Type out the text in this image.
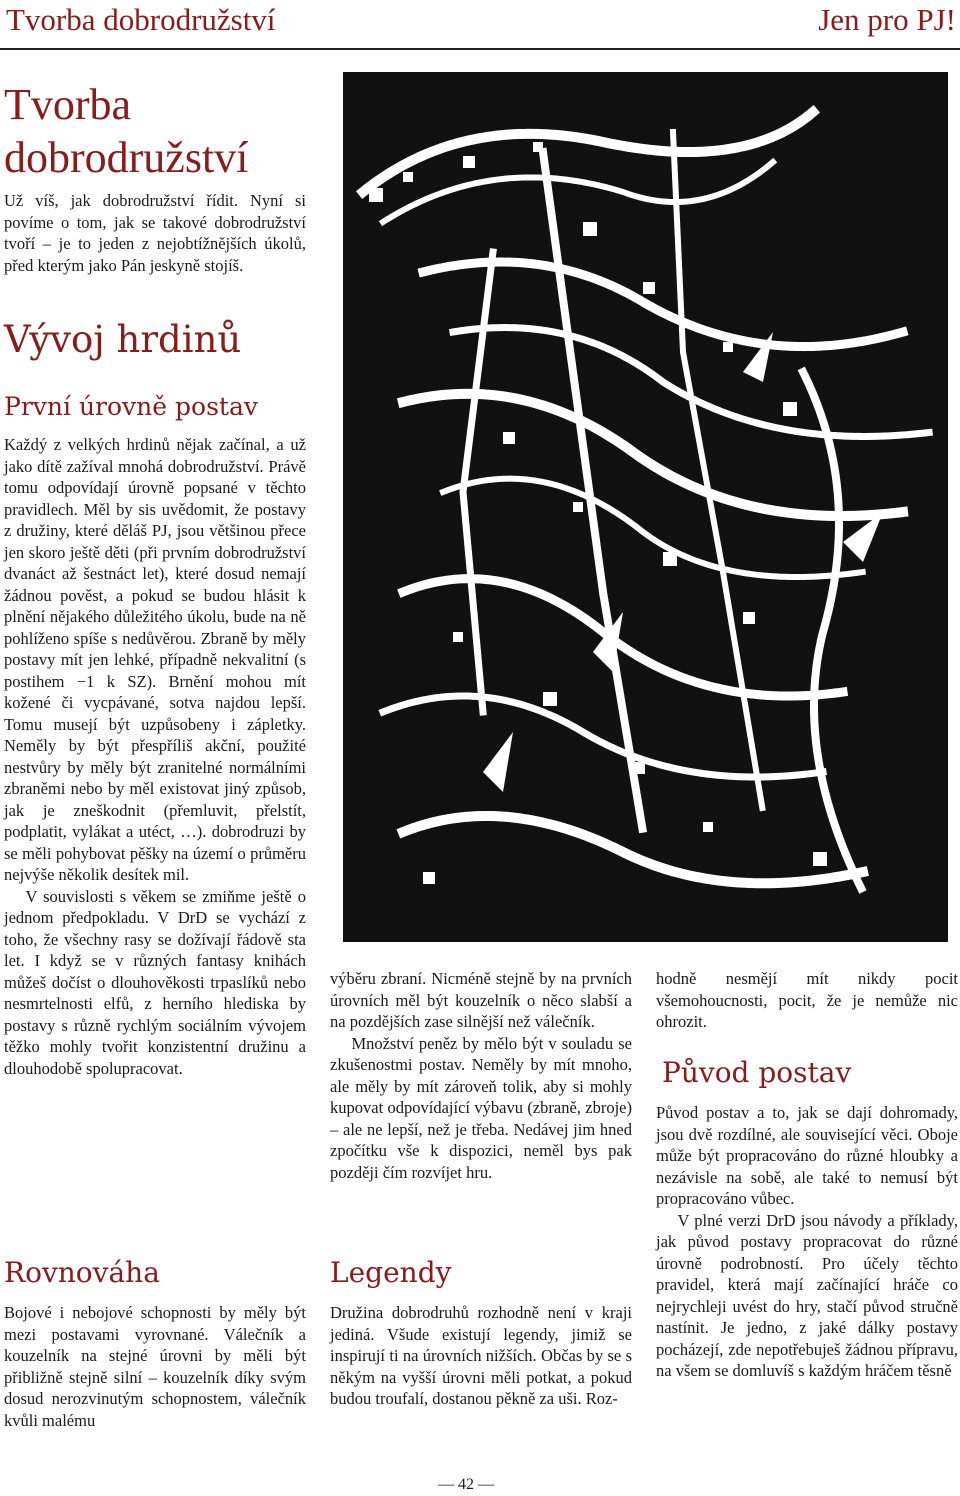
Tvorba dobrodružství	Jen pro PJ!
Tvorba dobrodružství

Už víš, jak dobrodružství řídit. Nyní si povíme o tom, jak se takové dobrodružství tvoří – je to jeden z nejobtížnějších úkolů, před kterým jako Pán jeskyně stojíš.

Vývoj hrdinů
První úrovně postav

Každý z velkých hrdinů nějak začínal, a už jako dítě zažíval mnohá dobrodružství. Právě tomu odpovídají úrovně popsané v těchto pravidlech. Měl by sis uvědomit, že postavy z družiny, které děláš PJ, jsou většinou přece jen skoro ještě děti (při prvním dobrodružství dvanáct až šestnáct let), které dosud nemají žádnou pověst, a pokud se budou hlásit k plnění nějakého důležitého úkolu, bude na ně pohlíženo spíše s nedůvěrou. Zbraně by měly postavy mít jen lehké, případně nekvalitní (s postihem −1 k SZ). Brnění mohou mít kožené či vycpávané, sotva najdou lepší. Tomu musejí být uzpůsobeny i zápletky. Neměly by být přespříliš akční, použité nestvůry by měly být zranitelné normálními zbraněmi nebo by měl existovat jiný způsob, jak je zneškodnit (přemluvit, přelstít, podplatit, vylákat a utéct, …). dobrodruzi by se měli pohybovat pěšky na území o průměru nejvýše několik desítek mil.

V souvislosti s věkem se zmiňme ještě o jednom předpokladu. V DrD se vychází z toho, že všechny rasy se dožívají řádově sta let. I když se v různých fantasy knihách můžeš dočíst o dlouhověkosti trpaslíků nebo nesmrtelnosti elfů, z herního hlediska by postavy s různě rychlým sociálním vývojem těžko mohly tvořit konzistentní družinu a dlouhodobě spolupracovat.

Rovnováha

Bojové i nebojové schopnosti by měly být mezi postavami vyrovnané. Válečník a kouzelník na stejné úrovni by měli být přibližně stejně silní – kouzelník díky svým dosud nerozvinutým schopnostem, válečník kvůli malému

výběru zbraní. Nicméně stejně by na prvních úrovních měl být kouzelník o něco slabší a na pozdějších zase silnější než válečník.

Množství peněz by mělo být v souladu se zkušenostmi postav. Neměly by mít mnoho, ale měly by mít zároveň tolik, aby si mohly kupovat odpovídající výbavu (zbraně, zbroje) – ale ne lepší, než je třeba. Nedávej jim hned zpočítku vše k dispozici, neměl bys pak později čím rozvíjet hru.

Legendy

Družina dobrodruhů rozhodně není v kraji jediná. Všude existují legendy, jimiž se inspirují ti na úrovních nižších. Občas by se s někým na vyšší úrovni měli potkat, a pokud budou troufalí, dostanou pěkně za uši. Roz-

hodně nesmějí mít nikdy pocit všemohoucnosti, pocit, že je nemůže nic ohrozit.

Původ postav

Původ postav a to, jak se dají dohromady, jsou dvě rozdílné, ale související věci. Oboje může být propracováno do různé hloubky a nezávisle na sobě, ale také to nemusí být propracováno vůbec.

V plné verzi DrD jsou návody a příklady, jak původ postavy propracovat do různé úrovně podrobností. Pro účely těchto pravidel, která mají začínající hráče co nejrychleji uvést do hry, stačí původ stručně nastínit. Je jedno, z jaké dálky postavy pocházejí, zde nepotřebuješ žádnou přípravu, na všem se domluvíš s každým hráčem těsně

— 42 —
